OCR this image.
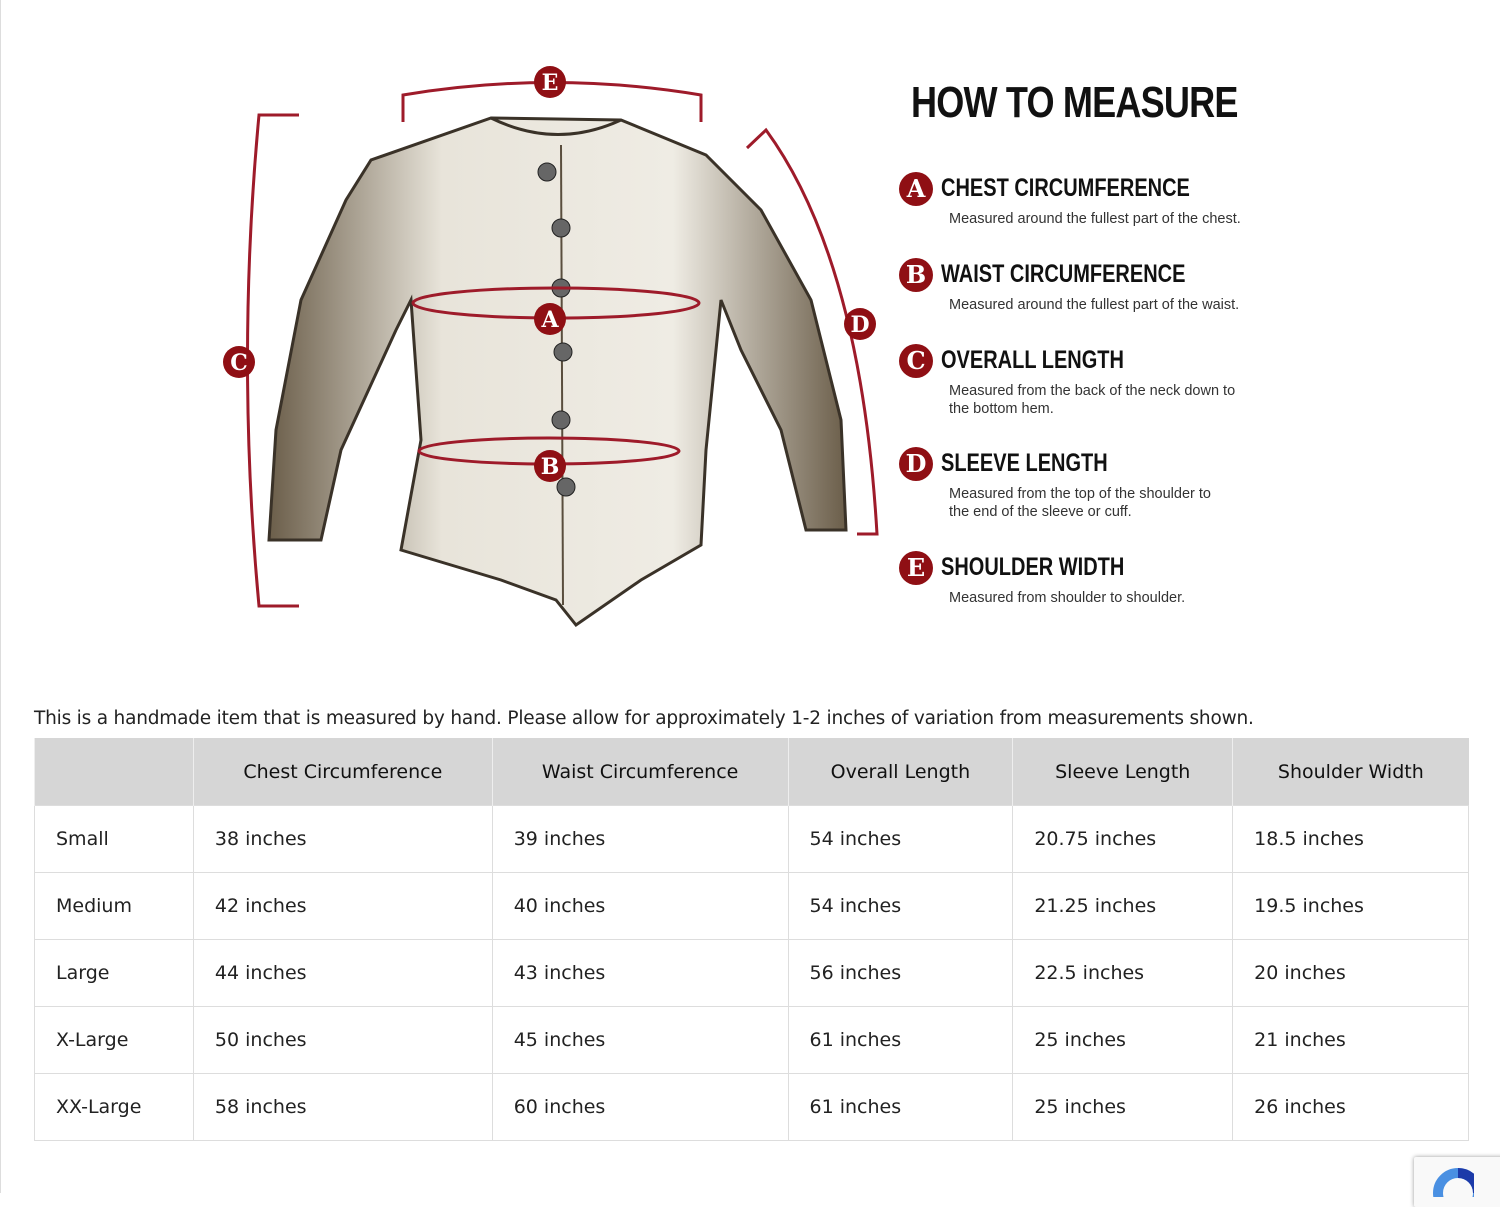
A
B
C
D
E	HOW TO MEASURE
A CHEST CIRCUMFERENCE
Measured around the fullest part of the chest.
B WAIST CIRCUMFERENCE
Measured around the fullest part of the waist.
C OVERALL LENGTH
Measured from the back of the neck down to the bottom hem.
D SLEEVE LENGTH
Measured from the top of the shoulder to the end of the sleeve or cuff.
E SHOULDER WIDTH
Measured from shoulder to shoulder.
This is a handmade item that is measured by hand. Please allow for approximately 1-2 inches of variation from measurements shown.
	Chest Circumference	Waist Circumference	Overall Length	Sleeve Length	Shoulder Width
Small	38 inches	39 inches	54 inches	20.75 inches	18.5 inches
Medium	42 inches	40 inches	54 inches	21.25 inches	19.5 inches
Large	44 inches	43 inches	56 inches	22.5 inches	20 inches
X-Large	50 inches	45 inches	61 inches	25 inches	21 inches
XX-Large	58 inches	60 inches	61 inches	25 inches	26 inches
